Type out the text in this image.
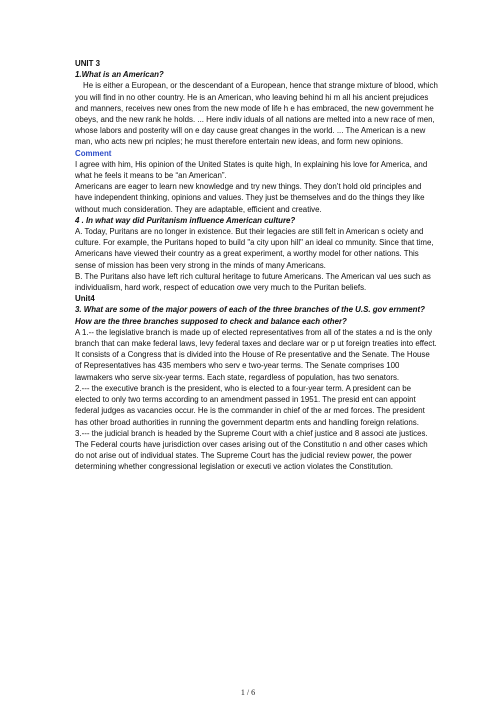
UNIT 3

1.What is an American?

He is either a European, or the descendant of a European, hence that strange mixture of blood, which you will find in no other country. He is an American, who leaving behind hi m all his ancient prejudices and manners, receives new ones from the new mode of life h e has embraced, the new government he obeys, and the new rank he holds. ... Here indiv iduals of all nations are melted into a new race of men, whose labors and posterity will on e day cause great changes in the world. ... The American is a new man, who acts new pri nciples; he must therefore entertain new ideas, and form new opinions.

Comment

I agree with him, His opinion of the United States is quite high, In explaining his love for America, and what he feels it means to be “an American”.

Americans are eager to learn new knowledge and try new things. They don’t hold old principles and have independent thinking, opinions and values. They just be themselves and do the things they like without much consideration. They are adaptable, efficient and creative.

4 . In what way did Puritanism influence American culture?

A. Today, Puritans are no longer in existence. But their legacies are still felt in American s ociety and culture. For example, the Puritans hoped to build "a city upon hill" an ideal co mmunity. Since that time, Americans have viewed their country as a great experiment, a worthy model for other nations. This sense of mission has been very strong in the minds of many Americans.

B. The Puritans also have left rich cultural heritage to future Americans. The American val ues such as individualism, hard work, respect of education owe very much to the Puritan beliefs.

Unit4

3. What are some of the major powers of each of the three branches of the U.S. gov ernment? How are the three branches supposed to check and balance each other?

A 1.-- the legislative branch is made up of elected representatives from all of the states a nd is the only branch that can make federal laws, levy federal taxes and declare war or p ut foreign treaties into effect. It consists of a Congress that is divided into the House of Re presentative and the Senate. The House of Representatives has 435 members who serv e two-year terms. The Senate comprises 100 lawmakers who serve six-year terms. Each state, regardless of population, has two senators.

2.--- the executive branch is the president, who is elected to a four-year term. A president can be elected to only two terms according to an amendment passed in 1951. The presid ent can appoint federal judges as vacancies occur. He is the commander in chief of the ar med forces. The president has other broad authorities in running the government departm ents and handling foreign relations.

3.--- the judicial branch is headed by the Supreme Court with a chief justice and 8 associ ate justices. The Federal courts have jurisdiction over cases arising out of the Constitutio n and other cases which do not arise out of individual states. The Supreme Court has the judicial review power, the power determining whether congressional legislation or executi ve action violates the Constitution.

1 / 6
